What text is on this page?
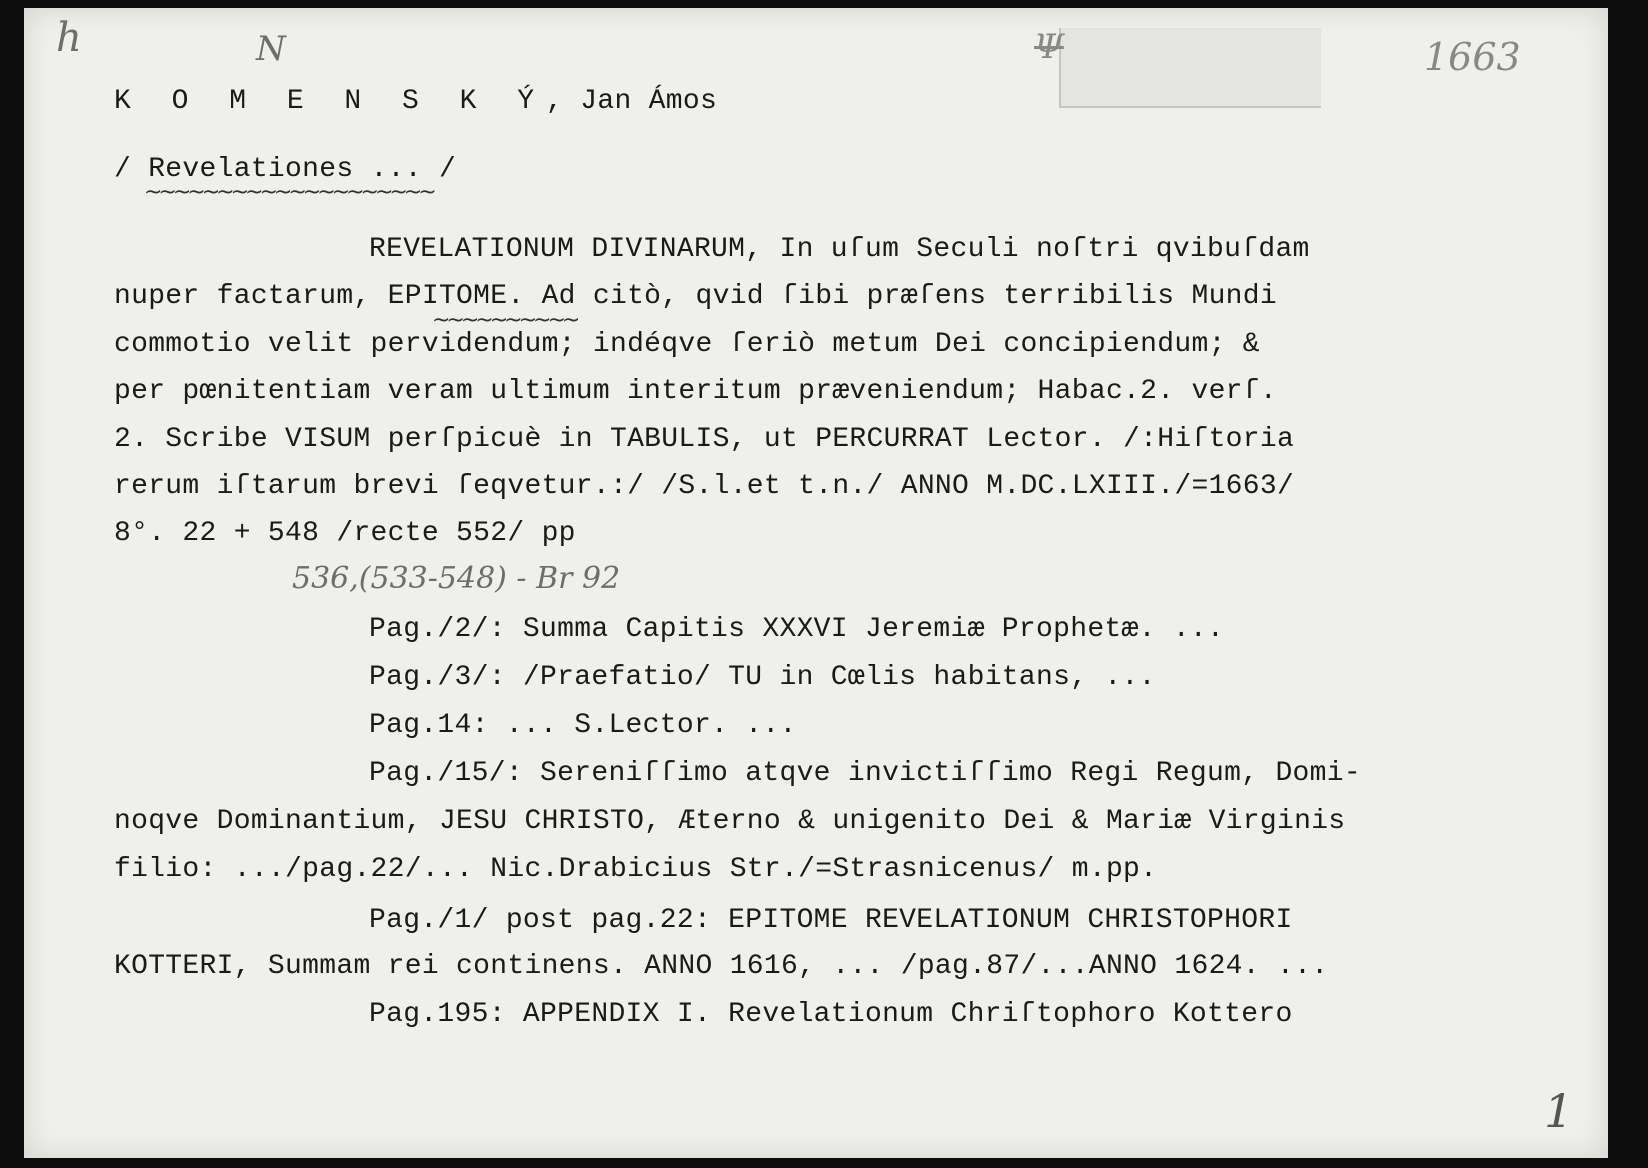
h	N	Ψ	1663
1
K O M E N S K Ý, Jan Ámos
/ Revelationes ... /
~~~~~~~~~~~~~~~~~~~~
~~~~~~~~~~
REVELATIONUM DIVINARUM, In uſum Seculi noſtri qvibuſdam
nuper factarum, EPITOME. Ad citò, qvid ſibi præſens terribilis Mundi
commotio velit pervidendum; indéqve ſeriò metum Dei concipiendum; &
per pœnitentiam veram ultimum interitum præveniendum; Habac.2. verſ.
2. Scribe VISUM perſpicuè in TABULIS, ut PERCURRAT Lector. /:Hiſtoria
rerum iſtarum brevi ſeqvetur.:/ /S.l.et t.n./ ANNO M.DC.LXIII./=1663/
8°. 22 + 548 /recte 552/ pp
536,(533-548) - Br 92
Pag./2/: Summa Capitis XXXVI Jeremiæ Prophetæ. ...
Pag./3/: /Praefatio/ TU in Cœlis habitans, ...
Pag.14: ... S.Lector. ...
Pag./15/: Sereniſſimo atqve invictiſſimo Regi Regum, Domi-
noqve Dominantium, JESU CHRISTO, Æterno & unigenito Dei & Mariæ Virginis
filio: .../pag.22/... Nic.Drabicius Str./=Strasnicenus/ m.pp.
Pag./1/ post pag.22: EPITOME REVELATIONUM CHRISTOPHORI
KOTTERI, Summam rei continens. ANNO 1616, ... /pag.87/...ANNO 1624. ...
Pag.195: APPENDIX I. Revelationum Chriſtophoro Kottero
